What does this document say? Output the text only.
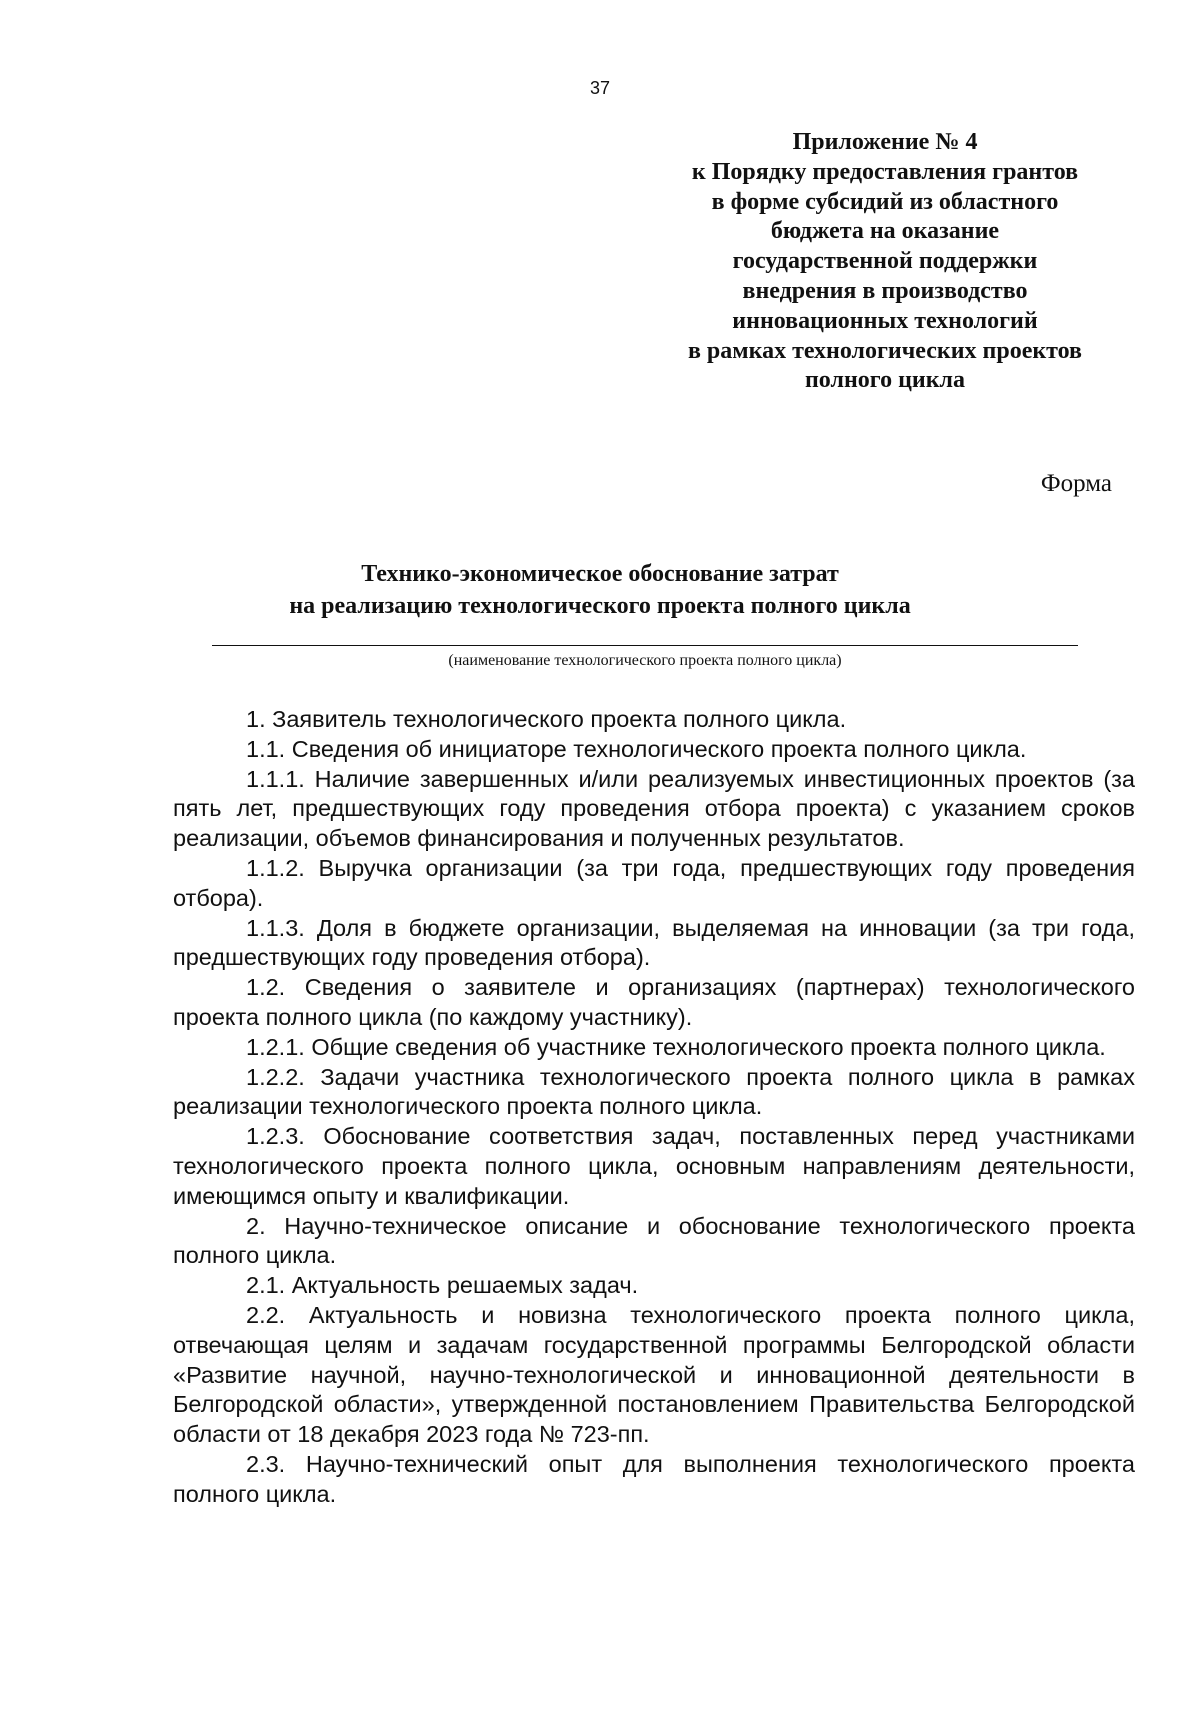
37
Приложение № 4
к Порядку предоставления грантов
в форме субсидий из областного
бюджета на оказание
государственной поддержки
внедрения в производство
инновационных технологий
в рамках технологических проектов
полного цикла
Форма
Технико-экономическое обоснование затрат
на реализацию технологического проекта полного цикла
(наименование технологического проекта полного цикла)

1. Заявитель технологического проекта полного цикла.

1.1. Сведения об инициаторе технологического проекта полного цикла.

1.1.1. Наличие завершенных и/или реализуемых инвестиционных проектов (за пять лет, предшествующих году проведения отбора проекта) с указанием сроков реализации, объемов финансирования и полученных результатов.

1.1.2. Выручка организации (за три года, предшествующих году проведения отбора).

1.1.3. Доля в бюджете организации, выделяемая на инновации (за три года, предшествующих году проведения отбора).

1.2. Сведения о заявителе и организациях (партнерах) технологического проекта полного цикла (по каждому участнику).

1.2.1. Общие сведения об участнике технологического проекта полного цикла.

1.2.2. Задачи участника технологического проекта полного цикла в рамках реализации технологического проекта полного цикла.

1.2.3. Обоснование соответствия задач, поставленных перед участниками технологического проекта полного цикла, основным направлениям деятельности, имеющимся опыту и квалификации.

2. Научно-техническое описание и обоснование технологического проекта полного цикла.

2.1. Актуальность решаемых задач.

2.2. Актуальность и новизна технологического проекта полного цикла, отвечающая целям и задачам государственной программы Белгородской области «Развитие научной, научно-технологической и инновационной деятельности в Белгородской области», утвержденной постановлением Правительства Белгородской области от 18 декабря 2023 года № 723-пп.

2.3. Научно-технический опыт для выполнения технологического проекта полного цикла.
